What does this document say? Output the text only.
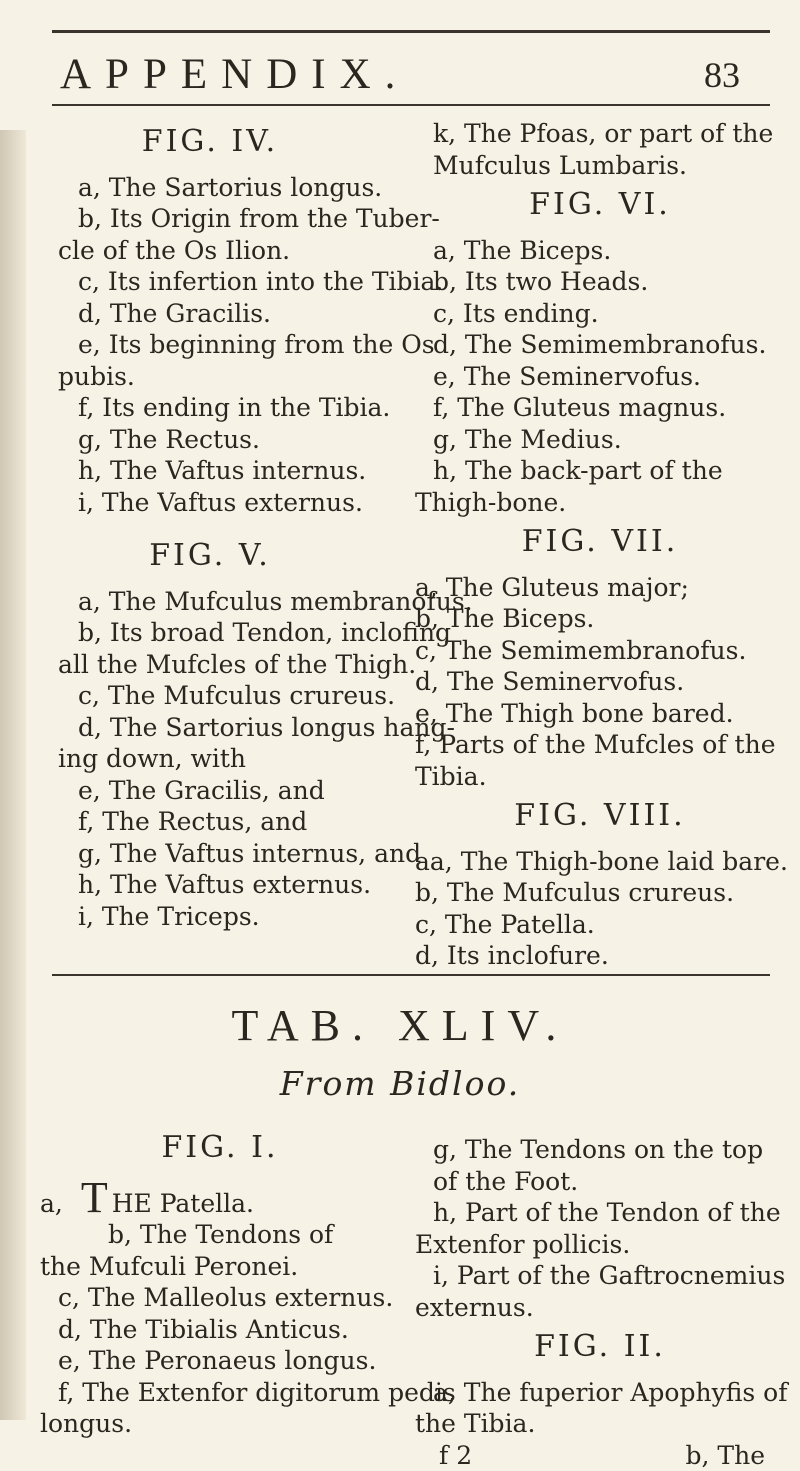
APPENDIX.	83
FIG. IV.
a, The Sartorius longus.
b, Its Origin from the Tuber-
cle of the Os Ilion.
c, Its infertion into the Tibia.
d, The Gracilis.
e, Its beginning from the Os
pubis.
f, Its ending in the Tibia.
g, The Rectus.
h, The Vaftus internus.
i, The Vaftus externus.
FIG. V.
a, The Mufculus membranofus.
b, Its broad Tendon, inclofing
all the Mufcles of the Thigh.
c, The Mufculus crureus.
d, The Sartorius longus hang-
ing down, with
e, The Gracilis, and
f, The Rectus, and
g, The Vaftus internus, and
h, The Vaftus externus.
i, The Triceps.
k, The Pfoas, or part of the
Mufculus Lumbaris.
FIG. VI.
a, The Biceps.
b, Its two Heads.
c, Its ending.
d, The Semimembranofus.
e, The Seminervofus.
f, The Gluteus magnus.
g, The Medius.
h, The back-part of the
Thigh-bone.
FIG. VII.
a, The Gluteus major;
b, The Biceps.
c, The Semimembranofus.
d, The Seminervofus.
e, The Thigh bone bared.
f, Parts of the Mufcles of the
Tibia.
FIG. VIII.
aa, The Thigh-bone laid bare.
b, The Mufculus crureus.
c, The Patella.
d, Its inclofure.
TAB. XLIV.
From Bidloo.
FIG. I.
a, T HE Patella.
b, The Tendons of
the Mufculi Peronei.
c, The Malleolus externus.
d, The Tibialis Anticus.
e, The Peronaeus longus.
f, The Extenfor digitorum pedis
longus.
g, The Tendons on the top
of the Foot.
h, Part of the Tendon of the
Extenfor pollicis.
i, Part of the Gaftrocnemius
externus.
FIG. II.
a, The fuperior Apophyfis of
the Tibia.
f 2	b, The
